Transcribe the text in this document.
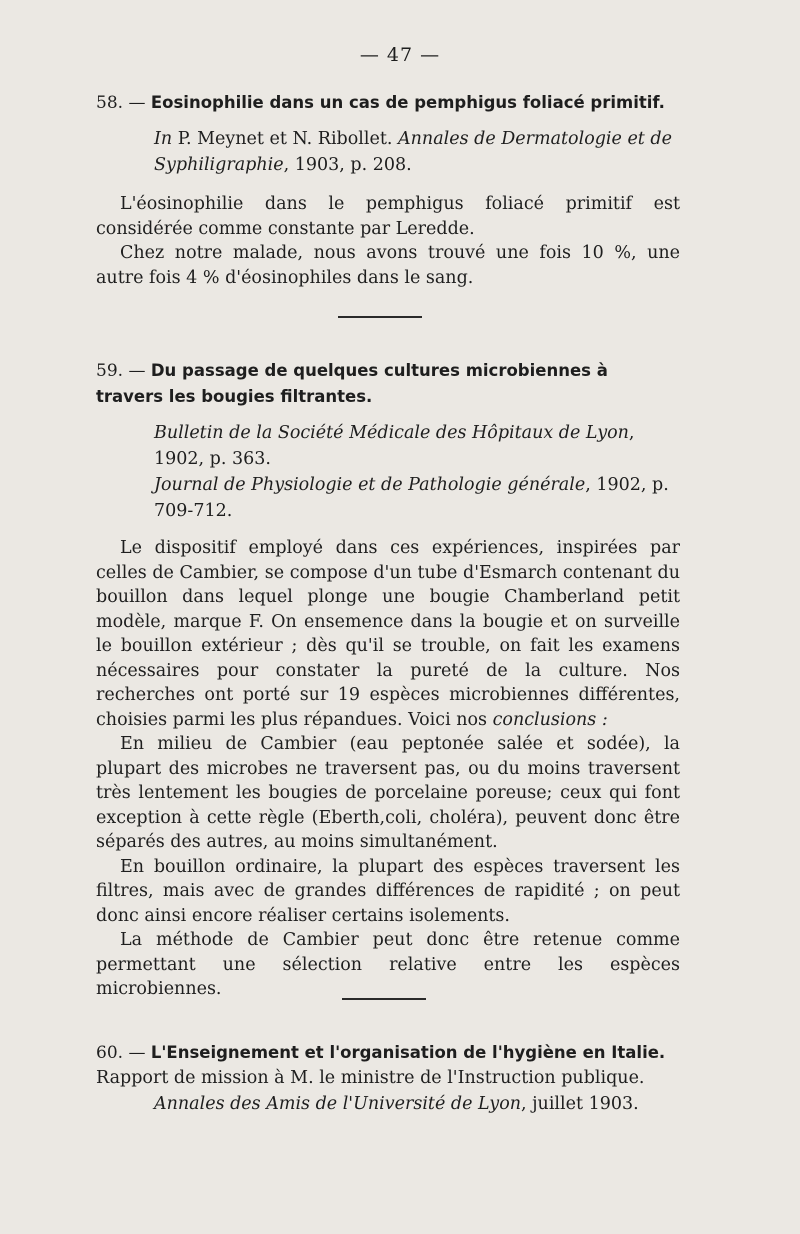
— 47 —
58. — Eosinophilie dans un cas de pemphigus foliacé primitif.
In P. Meynet et N. Ribollet. Annales de Dermatologie et de Syphiligraphie, 1903, p. 208.

L'éosinophilie dans le pemphigus foliacé primitif est considérée comme constante par Leredde.

Chez notre malade, nous avons trouvé une fois 10 %, une autre fois 4 % d'éosinophiles dans le sang.

59. — Du passage de quelques cultures microbiennes à travers les bougies filtrantes.
Bulletin de la Société Médicale des Hôpitaux de Lyon, 1902, p. 363.
Journal de Physiologie et de Pathologie générale, 1902, p. 709-712.

Le dispositif employé dans ces expériences, inspirées par celles de Cambier, se compose d'un tube d'Esmarch contenant du bouillon dans lequel plonge une bougie Chamberland petit modèle, marque F. On ensemence dans la bougie et on surveille le bouillon extérieur ; dès qu'il se trouble, on fait les examens nécessaires pour constater la pureté de la culture. Nos recherches ont porté sur 19 espèces microbiennes différentes, choisies parmi les plus répandues. Voici nos conclusions :

En milieu de Cambier (eau peptonée salée et sodée), la plupart des microbes ne traversent pas, ou du moins traversent très lentement les bougies de porcelaine poreuse; ceux qui font exception à cette règle (Eberth,coli, choléra), peuvent donc être séparés des autres, au moins simultanément.

En bouillon ordinaire, la plupart des espèces traversent les filtres, mais avec de grandes différences de rapidité ; on peut donc ainsi encore réaliser certains isolements.

La méthode de Cambier peut donc être retenue comme permettant une sélection relative entre les espèces microbiennes.

60. — L'Enseignement et l'organisation de l'hygiène en Italie. Rapport de mission à M. le ministre de l'Instruction publique.
Annales des Amis de l'Université de Lyon, juillet 1903.
